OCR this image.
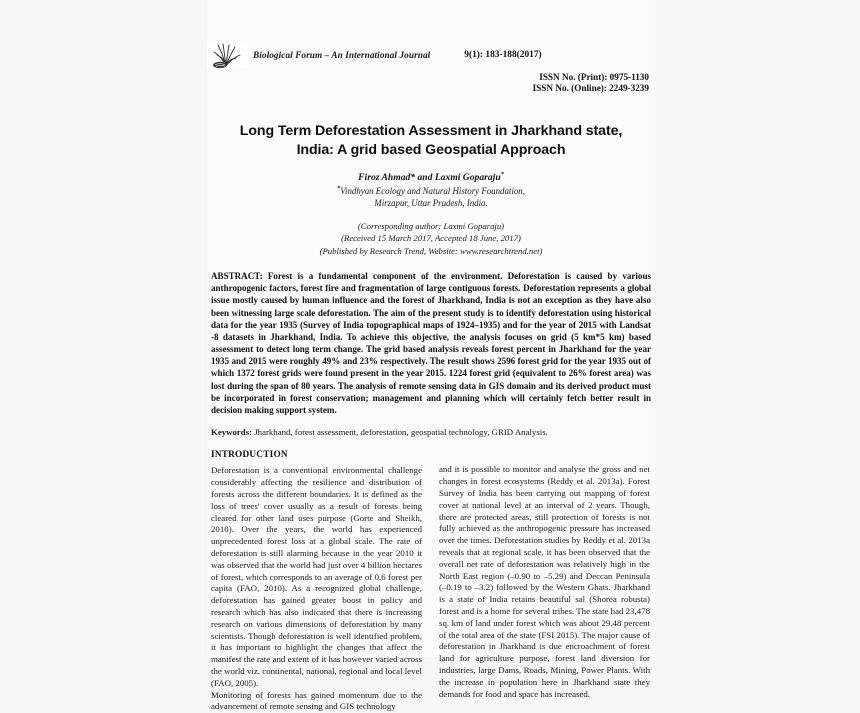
Biological Forum – An International Journal	9(1): 183-188(2017)
ISSN No. (Print): 0975-1130
ISSN No. (Online): 2249-3239
Long Term Deforestation Assessment in Jharkhand state, India: A grid based Geospatial Approach
Firoz Ahmad* and Laxmi Goparaju*
*Vindhyan Ecology and Natural History Foundation,
Mirzapur, Uttar Pradesh, India.
(Corresponding author: Laxmi Goparaju)
(Received 15 March 2017, Accepted 18 June, 2017)
(Published by Research Trend, Website: www.researchtrend.net)
ABSTRACT: Forest is a fundamental component of the environment. Deforestation is caused by various anthropogenic factors, forest fire and fragmentation of large contiguous forests. Deforestation represents a global issue mostly caused by human influence and the forest of Jharkhand, India is not an exception as they have also been witnessing large scale deforestation. The aim of the present study is to identify deforestation using historical data for the year 1935 (Survey of India topographical maps of 1924–1935) and for the year of 2015 with Landsat -8 datasets in Jharkhand, India. To achieve this objective, the analysis focuses on grid (5 km*5 km) based assessment to detect long term change. The grid based analysis reveals forest percent in Jharkhand for the year 1935 and 2015 were roughly 49% and 23% respectively. The result shows 2596 forest grid for the year 1935 out of which 1372 forest grids were found present in the year 2015. 1224 forest grid (equivalent to 26% forest area) was lost during the span of 80 years. The analysis of remote sensing data in GIS domain and its derived product must be incorporated in forest conservation; management and planning which will certainly fetch better result in decision making support system.
Keywords: Jharkhand, forest assessment, deforestation, geospatial technology, GRID Analysis.
INTRODUCTION

Deforestation is a conventional environmental challenge considerably affecting the resilience and distribution of forests across the different boundaries. It is defined as the loss of trees' cover usually as a result of forests being cleared for other land uses purpose (Gorte and Sheikh, 2010). Over the years, the world has experienced unprecedented forest loss at a global scale. The rate of deforestation is still alarming because in the year 2010 it was observed that the world had just over 4 billion hectares of forest, which corresponds to an average of 0.6 forest per capita (FAO, 2010). As a recognized global challenge, deforestation has gained greater boost in policy and research which has also indicated that there is increasing research on various dimensions of deforestation by many scientists. Though deforestation is well identified problem, it has important to highlight the changes that affect the manifest the rate and extent of it has however varied across the world viz. continental, national, regional and local level (FAO, 2005).

Monitoring of forests has gained momentum due to the advancement of remote sensing and GIS technology

and it is possible to monitor and analyse the gross and net changes in forest ecosystems (Reddy et al. 2013a). Forest Survey of India has been carrying out mapping of forest cover at national level at an interval of 2 years. Though, there are protected areas, still protection of forests is not fully achieved as the anthropogenic pressure has increased over the times. Deforestation studies by Reddy et al. 2013a reveals that at regional scale, it has been observed that the overall net rate of deforestation was relatively high in the North East region (–0.90 to –5.29) and Deccan Peninsula (–0.19 to –3.2) followed by the Western Ghats. Jharkhand is a state of India retains beautiful sal (Shorea robusta) forest and is a home for several tribes. The state had 23,478 sq. km of land under forest which was about 29.48 percent of the total area of the state (FSI 2015). The major cause of deforestation in Jharkhand is due encroachment of forest land for agriculture purpose, forest land diversion for industries, large Dams, Roads, Mining, Power Plants. With the increase in population here in Jharkhand state they demands for food and space has increased.
